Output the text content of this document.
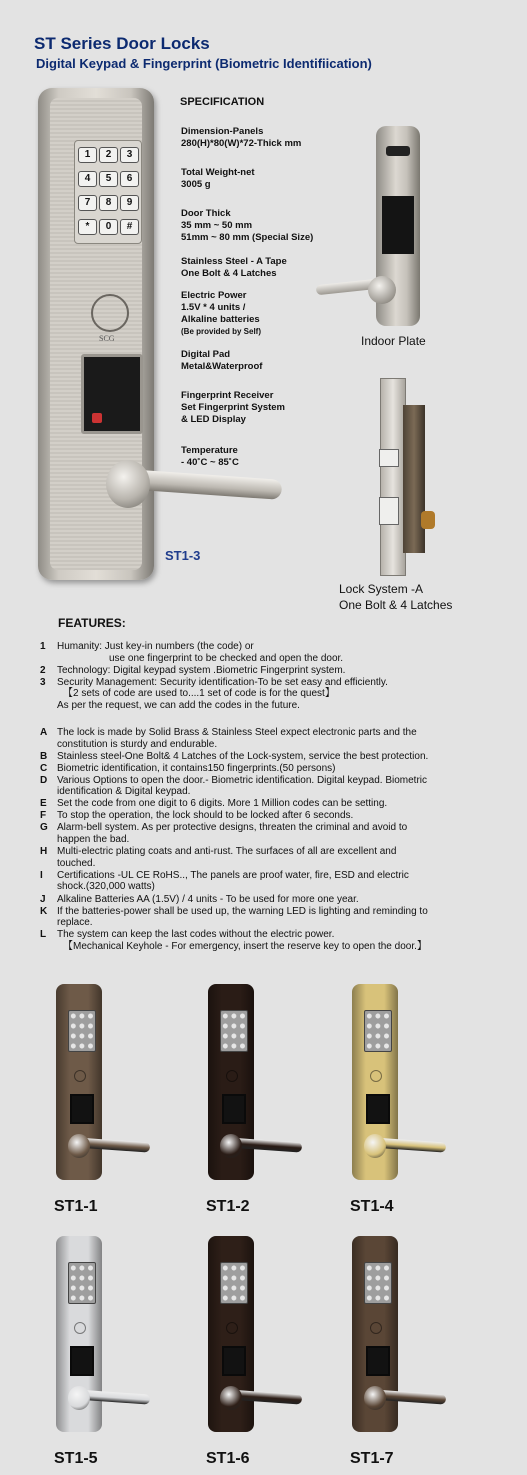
ST Series Door Locks
Digital Keypad & Fingerprint (Biometric Identifiication)
1	2	3
4	5	6
7	8	9
*	0	#
SCG
ST1-3
SPECIFICATION
Dimension-Panels
280(H)*80(W)*72-Thick mm
Total Weight-net
3005 g
Door Thick
35 mm ~ 50 mm
51mm ~ 80 mm (Special Size)
Stainless Steel - A Tape
One Bolt & 4 Latches
Electric Power
1.5V * 4 units /
Alkaline batteries
(Be provided by Self)
Digital Pad
Metal&Waterproof
Fingerprint Receiver
Set Fingerprint System
& LED Display
Temperature
- 40˚C ~ 85˚C
Indoor Plate
Lock System -A
One Bolt & 4 Latches
FEATURES:
1 Humanity: Just key-in numbers (the code) or
use one fingerprint to be checked and open the door.
2 Technology: Digital keypad system .Biometric Fingerprint system.
3 Security Management: Security identification-To be set easy and efficiently.
【2 sets of code are used to....1 set of code is for the quest】
As per the request, we can add the codes in the future.
A The lock is made by Solid Brass & Stainless Steel expect electronic parts and the
constitution is sturdy and endurable.
B Stainless steel-One Bolt& 4 Latches of the Lock-system, service the best protection.
C Biometric identification, it contains150 fingerprints.(50 persons)
D Various Options to open the door.- Biometric identification. Digital keypad. Biometric
identification & Digital keypad.
E Set the code from one digit to 6 digits. More 1 Million codes can be setting.
F To stop the operation, the lock should to be locked after 6 seconds.
G Alarm-bell system. As per protective designs, threaten the criminal and avoid to
happen the bad.
H Multi-electric plating coats and anti-rust. The surfaces of all are excellent and
touched.
I Certifications -UL CE RoHS.., The panels are proof water, fire, ESD and electric
shock.(320,000 watts)
J Alkaline Batteries AA (1.5V) / 4 units - To be used for more one year.
K If the batteries-power shall be used up, the warning LED is lighting and reminding to
replace.
L The system can keep the last codes without the electric power.
【Mechanical Keyhole - For emergency, insert the reserve key to open the door.】
ST1-1	ST1-2	ST1-4
ST1-5	ST1-6	ST1-7
